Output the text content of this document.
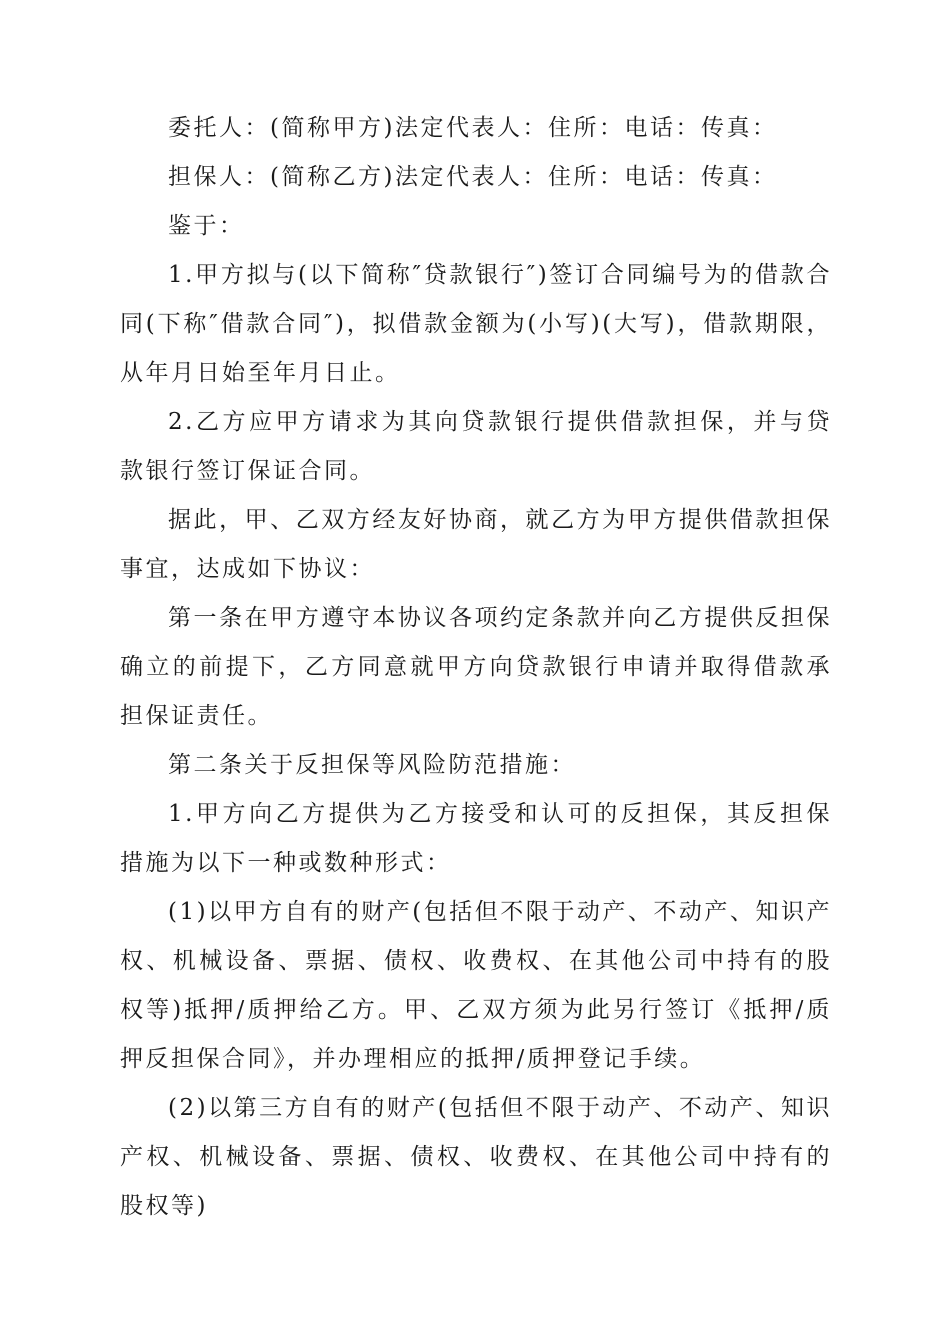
委托人：(简称甲方)法定代表人：住所：电话：传真：

担保人：(简称乙方)法定代表人：住所：电话：传真：

鉴于：

1.甲方拟与(以下简称″贷款银行″)签订合同编号为的借款合同(下称″借款合同″)，拟借款金额为(小写)(大写)，借款期限，从年月日始至年月日止。

2.乙方应甲方请求为其向贷款银行提供借款担保，并与贷款银行签订保证合同。

据此，甲、乙双方经友好协商，就乙方为甲方提供借款担保事宜，达成如下协议：

第一条在甲方遵守本协议各项约定条款并向乙方提供反担保确立的前提下，乙方同意就甲方向贷款银行申请并取得借款承担保证责任。

第二条关于反担保等风险防范措施：

1.甲方向乙方提供为乙方接受和认可的反担保，其反担保措施为以下一种或数种形式：

(1)以甲方自有的财产(包括但不限于动产、不动产、知识产权、机械设备、票据、债权、收费权、在其他公司中持有的股权等)抵押/质押给乙方。甲、乙双方须为此另行签订《抵押/质押反担保合同》，并办理相应的抵押/质押登记手续。

(2)以第三方自有的财产(包括但不限于动产、不动产、知识产权、机械设备、票据、债权、收费权、在其他公司中持有的股权等)
